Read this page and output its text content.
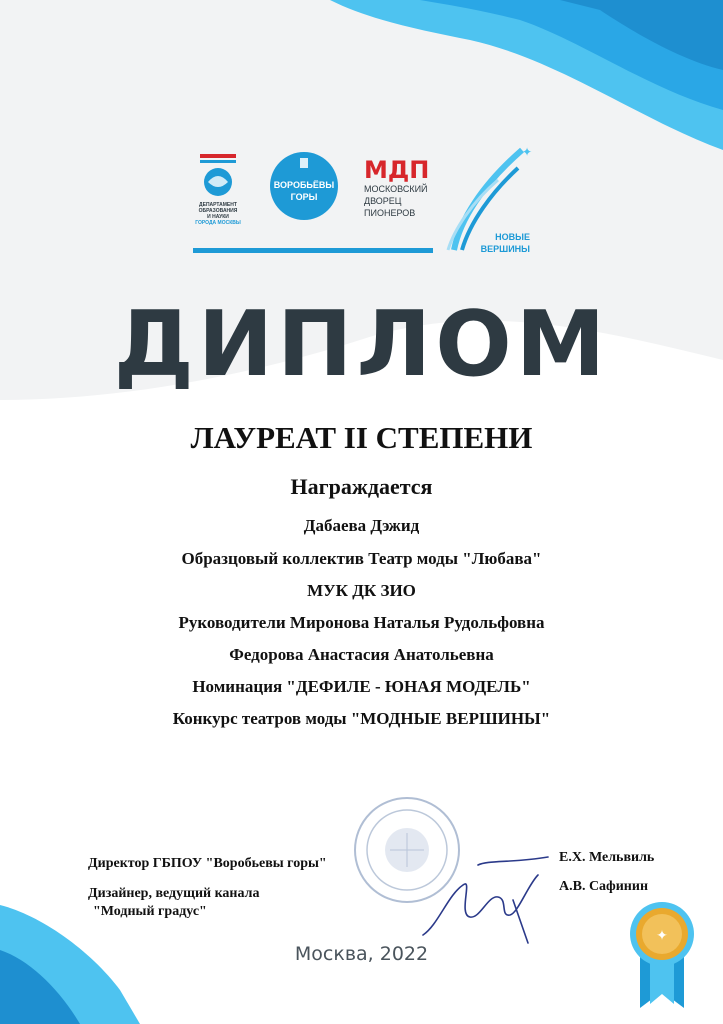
ДЕПАРТАМЕНТ
ОБРАЗОВАНИЯ
И НАУКИ
ГОРОДА МОСКВЫ
ВОРОБЬЁВЫ
ГОРЫ
МДП
МОСКОВСКИЙ
ДВОРЕЦ
ПИОНЕРОВ
✦
НОВЫЕ
ВЕРШИНЫ
ДИПЛОМ
ЛАУРЕАТ II СТЕПЕНИ
Награждается
Дабаева Дэжид
Образцовый коллектив Театр моды "Любава"
МУК ДК ЗИО
Руководители Миронова Наталья Рудольфовна
Федорова Анастасия Анатольевна
Номинация "ДЕФИЛЕ - ЮНАЯ МОДЕЛЬ"
Конкурс театров моды "МОДНЫЕ ВЕРШИНЫ"
Директор ГБПОУ "Воробьевы горы"	Е.Х. Мельвиль
Дизайнер, ведущий канала
"Модный градус"
А.В. Сафинин
Москва, 2022
✦
